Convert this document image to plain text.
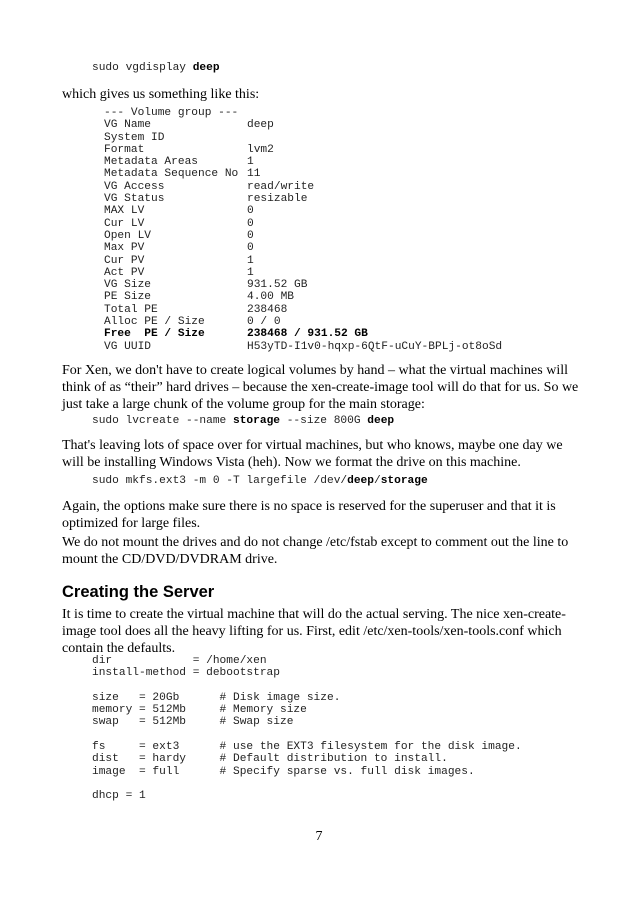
sudo vgdisplay deep

which gives us something like this:

--- Volume group ---
VG Name	deep
System ID
Format	lvm2
Metadata Areas	1
Metadata Sequence No 11
VG Access	read/write
VG Status	resizable
MAX LV	0
Cur LV	0
Open LV	0
Max PV	0
Cur PV	1
Act PV	1
VG Size	931.52 GB
PE Size	4.00 MB
Total PE	238468
Alloc PE / Size	0 / 0
Free  PE / Size	238468 / 931.52 GB
VG UUID	H53yTD-I1v0-hqxp-6QtF-uCuY-BPLj-ot8oSd

For Xen, we don't have to create logical volumes by hand – what the virtual machines will think of as “their” hard drives – because the xen-create-image tool will do that for us. So we just take a large chunk of the volume group for the main storage:

sudo lvcreate --name storage --size 800G deep

That's leaving lots of space over for virtual machines, but who knows, maybe one day we will be installing Windows Vista (heh). Now we format the drive on this machine.

sudo mkfs.ext3 -m 0 -T largefile /dev/deep/storage

Again, the options make sure there is no space is reserved for the superuser and that it is optimized for large files.

We do not mount the drives and do not change /etc/fstab except to comment out the line to mount the CD/DVD/DVDRAM drive.

Creating the Server

It is time to create the virtual machine that will do the actual serving. The nice xen-create-image tool does all the heavy lifting for us. First, edit /etc/xen-tools/xen-tools.conf which contain the defaults.

dir            = /home/xen
install-method = debootstrap
size   = 20Gb      # Disk image size.
memory = 512Mb     # Memory size
swap   = 512Mb     # Swap size
fs     = ext3      # use the EXT3 filesystem for the disk image.
dist   = hardy     # Default distribution to install.
image  = full      # Specify sparse vs. full disk images.
dhcp = 1
7
